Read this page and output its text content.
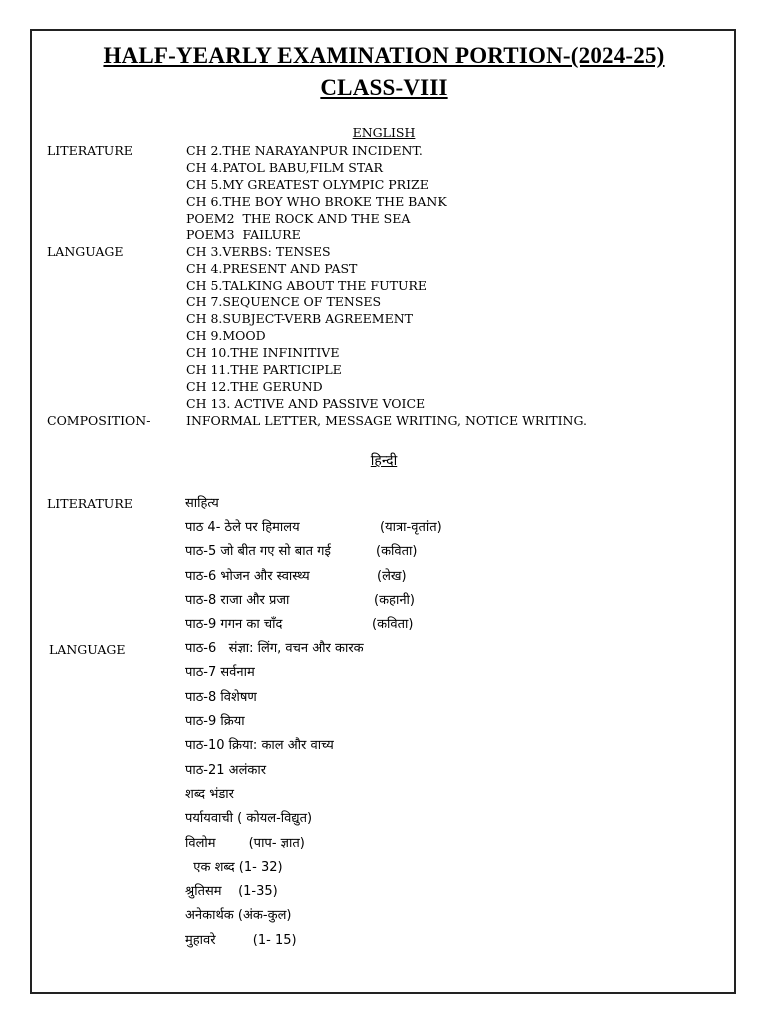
HALF-YEARLY EXAMINATION PORTION-(2024-25)
CLASS-VIII
ENGLISH
LITERATURE	CH 2.THE NARAYANPUR INCIDENT.
CH 4.PATOL BABU,FILM STAR
CH 5.MY GREATEST OLYMPIC PRIZE
CH 6.THE BOY WHO BROKE THE BANK
POEM2  THE ROCK AND THE SEA
POEM3  FAILURE
LANGUAGE	CH 3.VERBS: TENSES
CH 4.PRESENT AND PAST
CH 5.TALKING ABOUT THE FUTURE
CH 7.SEQUENCE OF TENSES
CH 8.SUBJECT-VERB AGREEMENT
CH 9.MOOD
CH 10.THE INFINITIVE
CH 11.THE PARTICIPLE
CH 12.THE GERUND
CH 13. ACTIVE AND PASSIVE VOICE
COMPOSITION-	INFORMAL LETTER, MESSAGE WRITING, NOTICE WRITING.
हिन्दी
LITERATURE	साहित्य
पाठ 4- ठेले पर हिमालय	(यात्रा-वृतांत)
पाठ-5 जो बीत गए सो बात गई	(कविता)
पाठ-6 भोजन और स्वास्थ्य	(लेख)
पाठ-8 राजा और प्रजा	(कहानी)
पाठ-9 गगन का चाँद	(कविता)
LANGUAGE	पाठ-6   संज्ञा: लिंग, वचन और कारक
पाठ-7 सर्वनाम
पाठ-8 विशेषण
पाठ-9 क्रिया
पाठ-10 क्रिया: काल और वाच्य
पाठ-21 अलंकार
शब्द भंडार
पर्यायवाची ( कोयल-विद्युत)
विलोम        (पाप- ज्ञात)
एक शब्द (1- 32)
श्रुतिसम    (1-35)
अनेकार्थक (अंक-कुल)
मुहावरे         (1- 15)
